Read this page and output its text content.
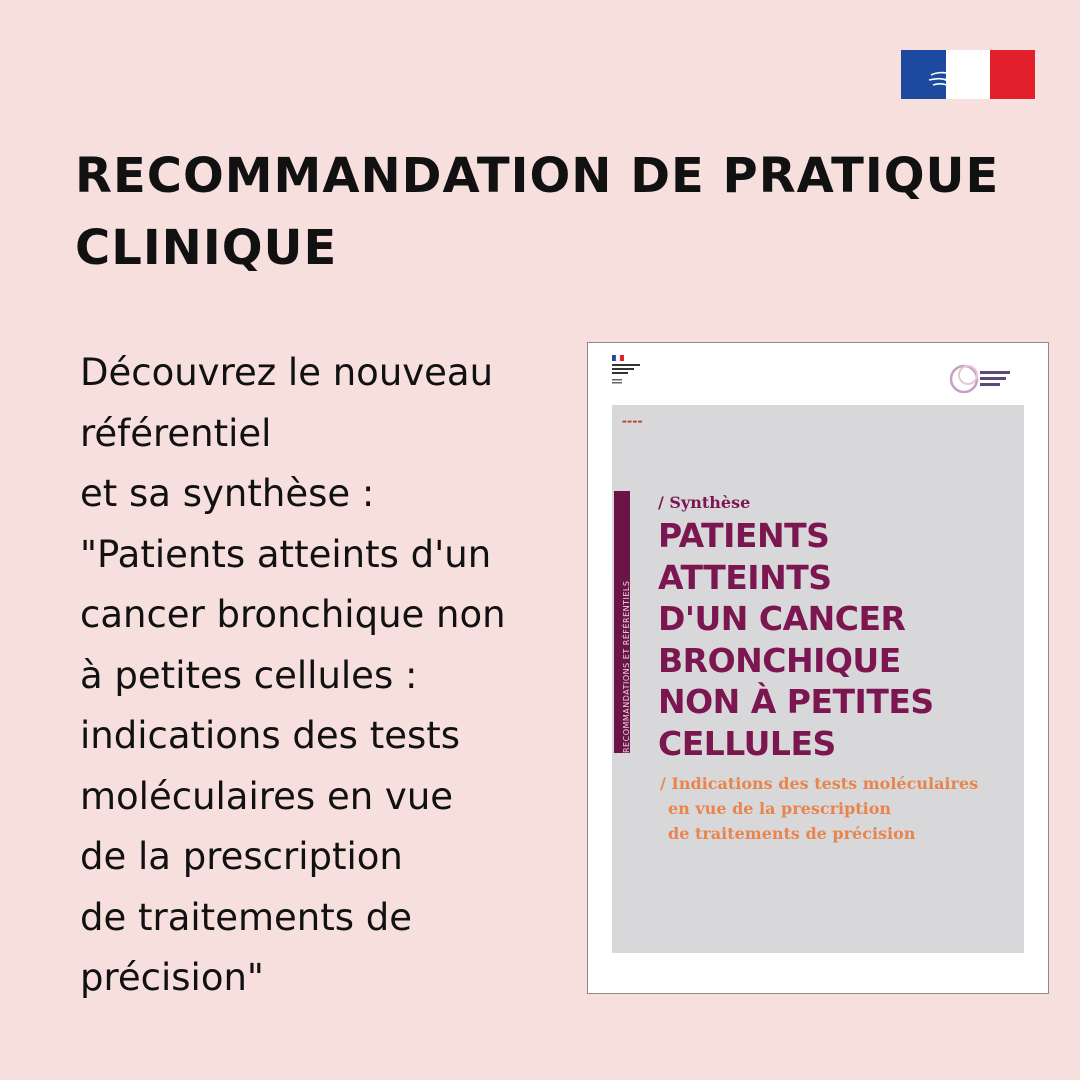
RECOMMANDATION DE PRATIQUE
CLINIQUE
Découvrez le nouveau
référentiel
et sa synthèse :
"Patients atteints d'un
cancer bronchique non
à petites cellules :
indications des tests
moléculaires en vue
de la prescription
de traitements de
précision"
▬▬▬▬
RECOMMANDATIONS ET RÉFÉRENTIELS
/ Synthèse
PATIENTS
ATTEINTS
D'UN CANCER
BRONCHIQUE
NON À PETITES
CELLULES
/ Indications des tests moléculaires
en vue de la prescription
de traitements de précision
